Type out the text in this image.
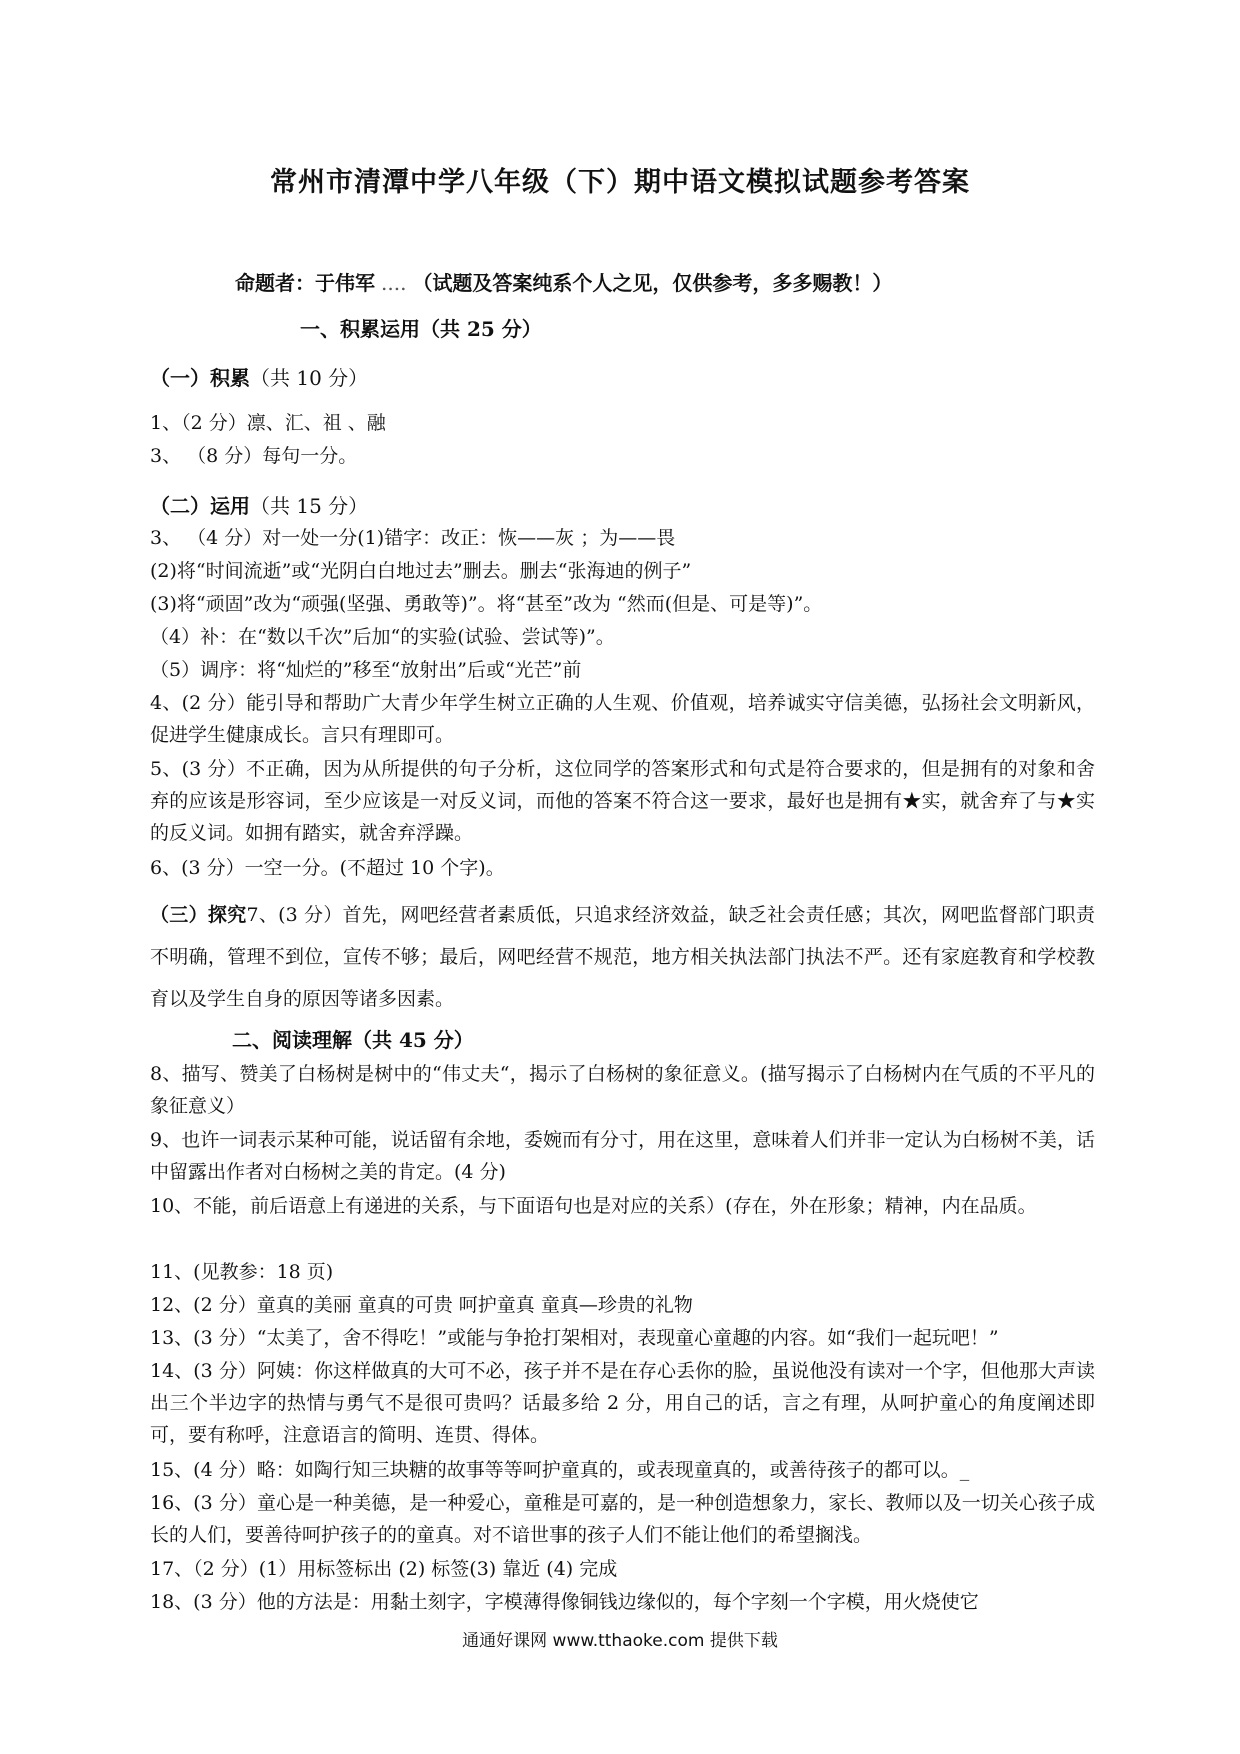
常州市清潭中学八年级（下）期中语文模拟试题参考答案
命题者：于伟军 .... （试题及答案纯系个人之见，仅供参考，多多赐教！）
一、积累运用（共 25 分）
（一）积累（共 10 分）
1、（2 分）凛、汇、祖 、融
3、 （8 分）每句一分。
（二）运用（共 15 分）
3、 （4 分）对一处一分(1)错字：改正：恢——灰 ；为——畏
(2)将“时间流逝”或“光阴白白地过去”删去。删去“张海迪的例子”
(3)将“顽固”改为“顽强(坚强、勇敢等)”。将“甚至”改为 “然而(但是、可是等)”。
（4）补：在“数以千次”后加“的实验(试验、尝试等)”。
（5）调序：将“灿烂的”移至“放射出”后或“光芒”前
4、(2 分）能引导和帮助广大青少年学生树立正确的人生观、价值观，培养诚实守信美德，弘扬社会文明新风，促进学生健康成长。言只有理即可。
5、(3 分）不正确，因为从所提供的句子分析，这位同学的答案形式和句式是符合要求的，但是拥有的对象和舍弃的应该是形容词，至少应该是一对反义词，而他的答案不符合这一要求，最好也是拥有★实，就舍弃了与★实的反义词。如拥有踏实，就舍弃浮躁。
6、(3 分）一空一分。(不超过 10 个字)。
（三）探究7、(3 分）首先，网吧经营者素质低，只追求经济效益，缺乏社会责任感；其次，网吧监督部门职责不明确，管理不到位，宣传不够；最后，网吧经营不规范，地方相关执法部门执法不严。还有家庭教育和学校教育以及学生自身的原因等诸多因素。
二、阅读理解（共 45 分）
8、描写、赞美了白杨树是树中的“伟丈夫“，揭示了白杨树的象征意义。(描写揭示了白杨树内在气质的不平凡的象征意义）
9、也许一词表示某种可能，说话留有余地，委婉而有分寸，用在这里，意味着人们并非一定认为白杨树不美，话中留露出作者对白杨树之美的肯定。(4 分)
10、不能，前后语意上有递进的关系，与下面语句也是对应的关系）(存在，外在形象；精神，内在品质。
11、(见教参：18 页)
12、(2 分）童真的美丽 童真的可贵 呵护童真 童真—珍贵的礼物
13、(3 分）“太美了，舍不得吃！”或能与争抢打架相对，表现童心童趣的内容。如“我们一起玩吧！”
14、(3 分）阿姨：你这样做真的大可不必，孩子并不是在存心丢你的脸，虽说他没有读对一个字，但他那大声读出三个半边字的热情与勇气不是很可贵吗？话最多给 2 分，用自己的话，言之有理，从呵护童心的角度阐述即可，要有称呼，注意语言的简明、连贯、得体。
15、(4 分）略：如陶行知三块糖的故事等等呵护童真的，或表现童真的，或善待孩子的都可以。_
16、(3 分）童心是一种美德，是一种爱心，童稚是可嘉的，是一种创造想象力，家长、教师以及一切关心孩子成长的人们，要善待呵护孩子的的童真。对不谙世事的孩子人们不能让他们的希望搁浅。
17、（2 分）(1）用标签标出 (2) 标签(3) 靠近 (4) 完成
18、(3 分）他的方法是：用黏土刻字，字模薄得像铜钱边缘似的，每个字刻一个字模，用火烧使它
通通好课网 www.tthaoke.com 提供下载
